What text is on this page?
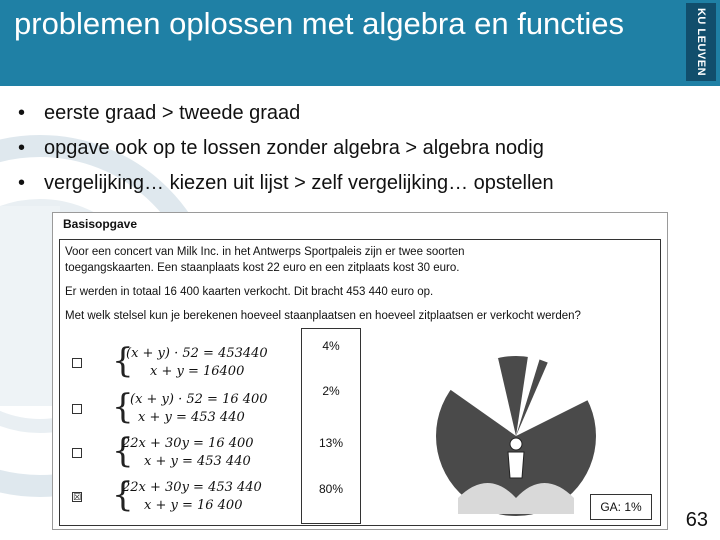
problemen oplossen met algebra en functies	KU LEUVEN
• eerste graad > tweede graad
• opgave ook op te lossen zonder algebra > algebra nodig
• vergelijking… kiezen uit lijst > zelf vergelijking… opstellen
Basisopgave
Voor een concert van Milk Inc. in het Antwerps Sportpaleis zijn er twee soorten
toegangskaarten. Een staanplaats kost 22 euro en een zitplaats kost 30 euro.
Er werden in totaal 16 400 kaarten verkocht. Dit bracht 453 440 euro op.
Met welk stelsel kun je berekenen hoeveel staanplaatsen en hoeveel zitplaatsen er verkocht werden?
4%
2%
13%
80%
{
(x + y) · 52 = 453440
x + y = 16400
{
(x + y) · 52 = 16 400
x + y = 453 440
{
22x + 30y = 16 400
x + y = 453 440
☒ {
22x + 30y = 453 440
x + y = 16 400	GA: 1%
63
